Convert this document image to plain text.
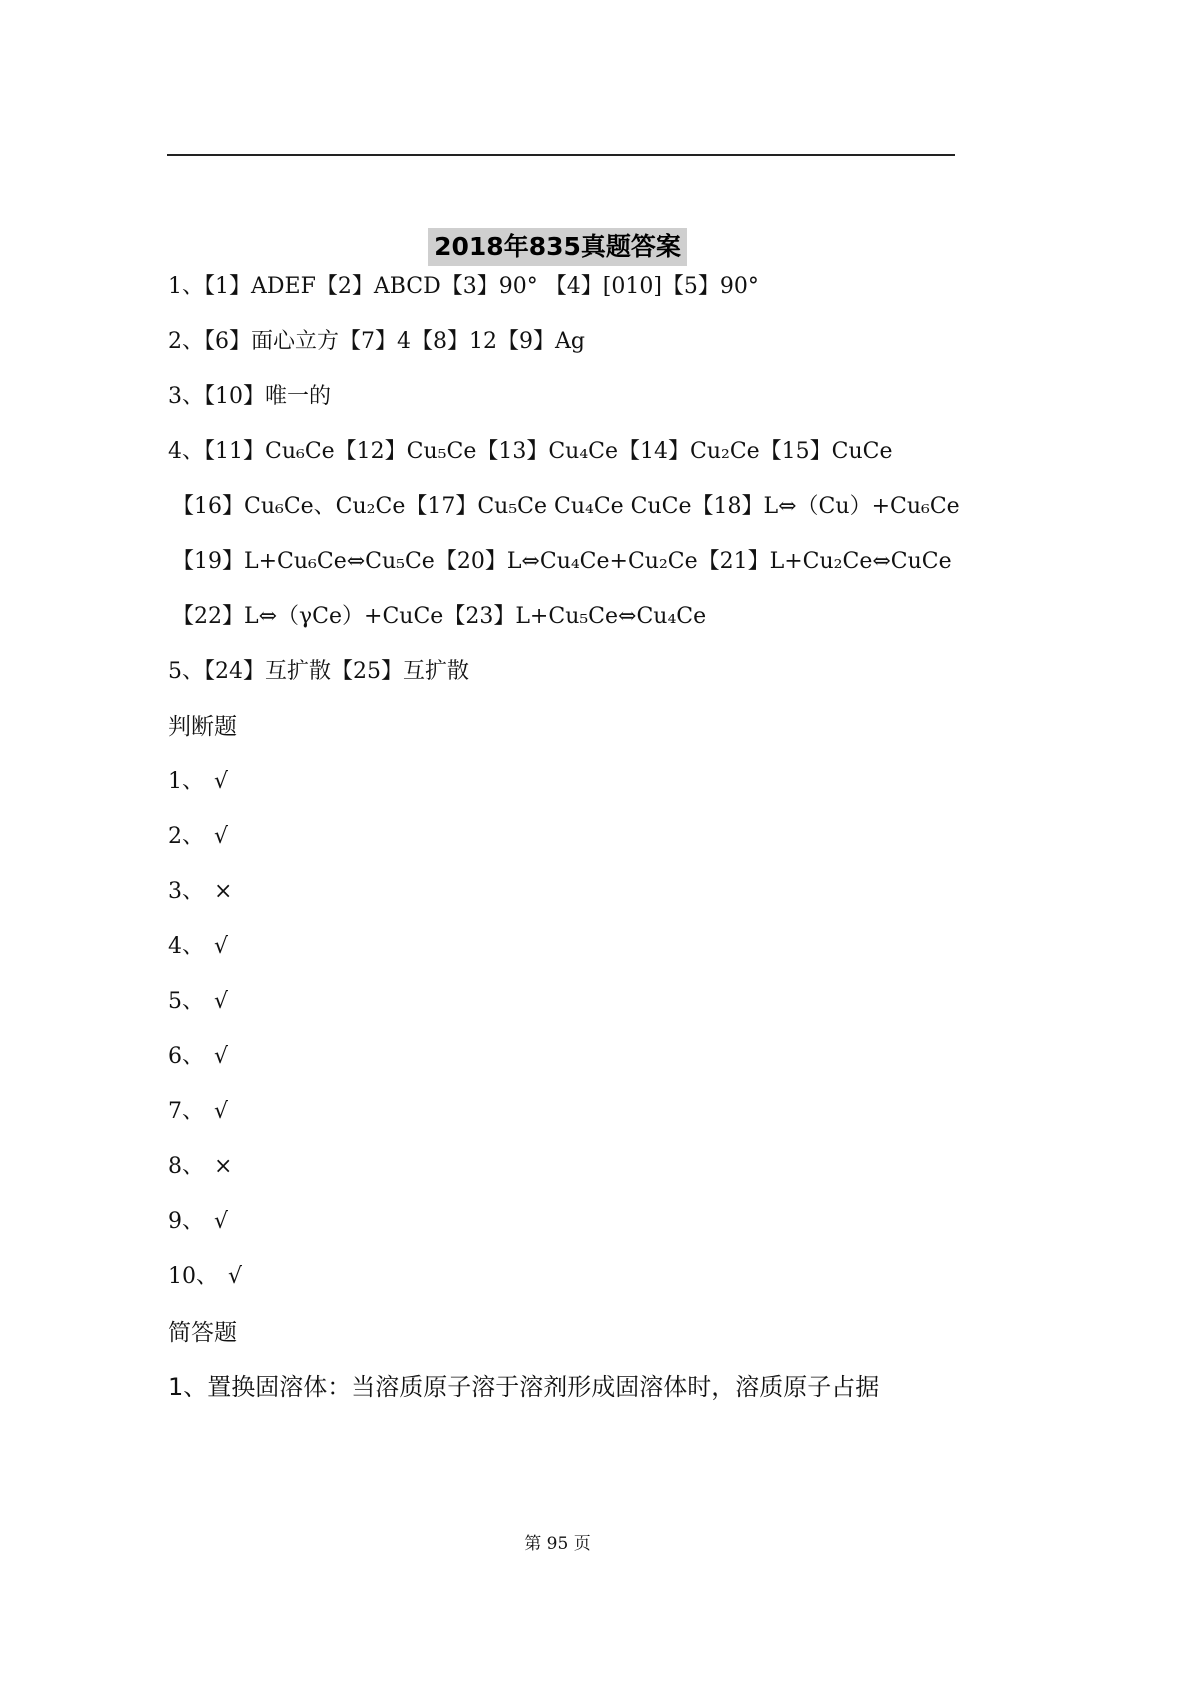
2018年835真题答案
1、【1】ADEF【2】ABCD【3】90° 【4】[010]【5】90°
2、【6】面心立方【7】4【8】12【9】Ag
3、【10】唯一的
4、【11】Cu₆Ce【12】Cu₅Ce【13】Cu₄Ce【14】Cu₂Ce【15】CuCe
【16】Cu₆Ce、Cu₂Ce【17】Cu₅Ce Cu₄Ce CuCe【18】L⇔（Cu）+Cu₆Ce
【19】L+Cu₆Ce⇔Cu₅Ce【20】L⇔Cu₄Ce+Cu₂Ce【21】L+Cu₂Ce⇔CuCe
【22】L⇔（γCe）+CuCe【23】L+Cu₅Ce⇔Cu₄Ce
5、【24】互扩散【25】互扩散
判断题
1、 √
2、 √
3、 ×
4、 √
5、 √
6、 √
7、 √
8、 ×
9、 √
10、 √
简答题
1、置换固溶体：当溶质原子溶于溶剂形成固溶体时，溶质原子占据
第 95 页
